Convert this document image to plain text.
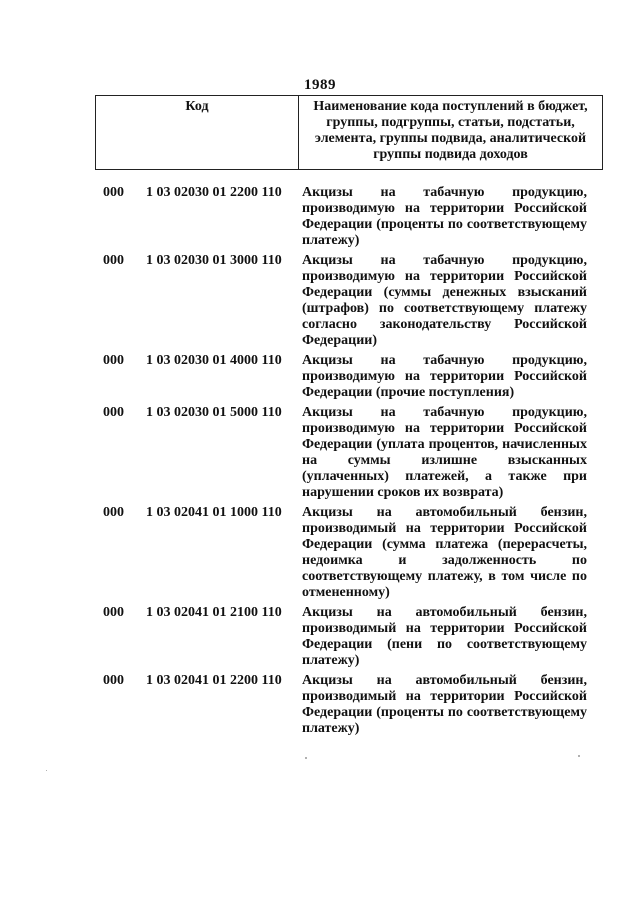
1989
Код	Наименование кода поступлений в бюджет, группы, подгруппы, статьи, подстатьи, элемента, группы подвида, аналитической группы подвида доходов
000	1 03 02030 01 2200 110	Акцизы на табачную продукцию, производимую на территории Российской Федерации (проценты по соответствующему платежу)
000	1 03 02030 01 3000 110	Акцизы на табачную продукцию, производимую на территории Российской Федерации (суммы денежных взысканий (штрафов) по соответствующему платежу согласно законодательству Российской Федерации)
000	1 03 02030 01 4000 110	Акцизы на табачную продукцию, производимую на территории Российской Федерации (прочие поступления)
000	1 03 02030 01 5000 110	Акцизы на табачную продукцию, производимую на территории Российской Федерации (уплата процентов, начисленных на суммы излишне взысканных (уплаченных) платежей, а также при нарушении сроков их возврата)
000	1 03 02041 01 1000 110	Акцизы на автомобильный бензин, производимый на территории Российской Федерации (сумма платежа (перерасчеты, недоимка и задолженность по соответствующему платежу, в том числе по отмененному)
000	1 03 02041 01 2100 110	Акцизы на автомобильный бензин, производимый на территории Российской Федерации (пени по соответствующему платежу)
000	1 03 02041 01 2200 110	Акцизы на автомобильный бензин, производимый на территории Российской Федерации (проценты по соответствующему платежу)
